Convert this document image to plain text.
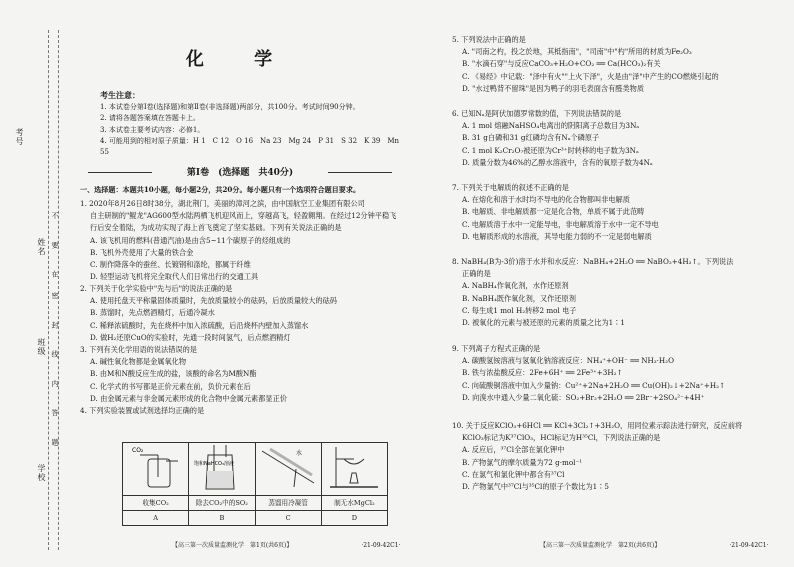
考号
姓名
班级
学校
不 要 在
密 封 线 内 答 题
化 学
考生注意：

1. 本试卷分第Ⅰ卷(选择题)和第Ⅱ卷(非选择题)两部分，共100分。考试时间90分钟。

2. 请将各题答案填在答题卡上。

3. 本试卷主要考试内容：必修1。

4. 可能用到的相对原子质量：H 1　C 12　O 16　Na 23　Mg 24　P 31　S 32　K 39　Mn 55

第Ⅰ卷　(选择题　共40分)
一、选择题：本题共10小题，每小题2分，共20分。每小题只有一个选项符合题目要求。

1. 2020年8月26日8时38分，湖北荆门，美丽的漳河之滨，由中国航空工业集团有限公司

自主研制的"鲲龙"AG600型水陆两栖飞机迎风而上，穿越高飞，轻盈翱翔。在经过12分钟平稳飞

行后安全着陆，为成功实现了海上首飞奠定了坚实基础。下列有关说法正确的是

A. 该飞机用的燃料(普通汽油)是由含5~11个碳原子的烃组成的

B. 飞机外壳使用了大量的铁合金

C. 制作降落伞的蚕丝、长镀钢和涤纶，都属于纤维

D. 轻型运动飞机将完全取代人们日常出行的交通工具

2. 下列关于化学实验中"先与后"的说法正确的是

A. 使用托盘天平称量固体质量时，先放质量较小的砝码，后放质量较大的砝码

B. 蒸馏时，先点燃酒精灯，后通冷凝水

C. 稀释浓硫酸时，先在烧杯中加入浓硫酸，后沿烧杯内壁加入蒸馏水

D. 做H₂还原CuO的实验时，先通一段时间氢气，后点燃酒精灯

3. 下列有关化学用语的说法错误的是

A. 碱性氧化物都是金属氧化物

B. 由M和N酸反应生成的盐，该酸的命名为M酸N酯

C. 化学式的书写都是正价元素在前，负价元素在后

D. 由金属元素与非金属元素形成的化合物中金属元素都显正价

4. 下列实验装置或试剂选择均正确的是

CO₂	饱和NaHCO₃溶液	水

收集CO₂	除去CO₂中的SO₂	蒸馏用冷凝管	制无水MgCl₂
A	B	C	D
【高三第一次质量监测化学　第1页(共6页)】　　　　　　　　　　　　·21-09-42C1·

5. 下列说法中正确的是

A. "司南之杓，投之於地，其柢指南"，"司南"中"杓"所用的材质为Fe₂O₃

B. "水滴石穿"与反应CaCO₃+H₂O+CO₂ ══ Ca(HCO₃)₂有关

C. 《易经》中记载："泽中有火""上火下泽"，火是由"泽"中产生的CO燃烧引起的

D. "水过鸭背不留珠"是因为鸭子的羽毛表面含有醛类物质

6. 已知Nₐ是阿伏加德罗常数的值，下列说法错误的是

A. 1 mol 熔融NaHSO₄电离出的阴阳离子总数目为3Nₐ

B. 31 g白磷和31 g红磷均含有Nₐ个磷原子

C. 1 mol K₂Cr₂O₇被还原为Cr³⁺时转移的电子数为3Nₐ

D. 质量分数为46%的乙醇水溶液中，含有的氧原子数为4Nₐ

7. 下列关于电解质的叙述不正确的是

A. 在熔化和溶于水时均不导电的化合物都叫非电解质

B. 电解质、非电解质都一定是化合物，单质不属于此范畴

C. 电解质溶于水中一定能导电，非电解质溶于水中一定不导电

D. 电解质形成的水溶液，其导电能力弱的不一定是弱电解质

8. NaBH₄(B为-3价)溶于水并和水反应：NaBH₄+2H₂O ══ NaBO₂+4H₂↑。下列说法

正确的是

A. NaBH₄作氧化剂，水作还原剂

B. NaBH₄既作氧化剂，又作还原剂

C. 每生成1 mol H₂转移2 mol 电子

D. 被氧化的元素与被还原的元素的质量之比为1∶1

9. 下列离子方程式正确的是

A. 碳酸氢铵溶液与氢氧化钠溶液反应：NH₄⁺+OH⁻ ══ NH₃·H₂O

B. 铁与浓盐酸反应：2Fe+6H⁺ ══ 2Fe³⁺+3H₂↑

C. 向硫酸铜溶液中加入少量钠：Cu²⁺+2Na+2H₂O ══ Cu(OH)₂↓+2Na⁺+H₂↑

D. 向溴水中通入少量二氧化硫：SO₂+Br₂+2H₂O ══ 2Br⁻+2SO₄²⁻+4H⁺

10. 关于反应KClO₃+6HCl ══ KCl+3Cl₂↑+3H₂O，用同位素示踪法进行研究，反应前将

KClO₃标记为K³⁷ClO₃，HCl标记为H³⁵Cl，下列说法正确的是

A. 反应后，³⁷Cl全部在氯化钾中

B. 产物氯气的摩尔质量为72 g·mol⁻¹

C. 在氯气和氯化钾中都含有³⁷Cl

D. 产物氯气中³⁷Cl与³⁵Cl的原子个数比为1∶5

【高三第一次质量监测化学　第2页(共6页)】　　　　　　　　　　　　·21-09-42C1·
